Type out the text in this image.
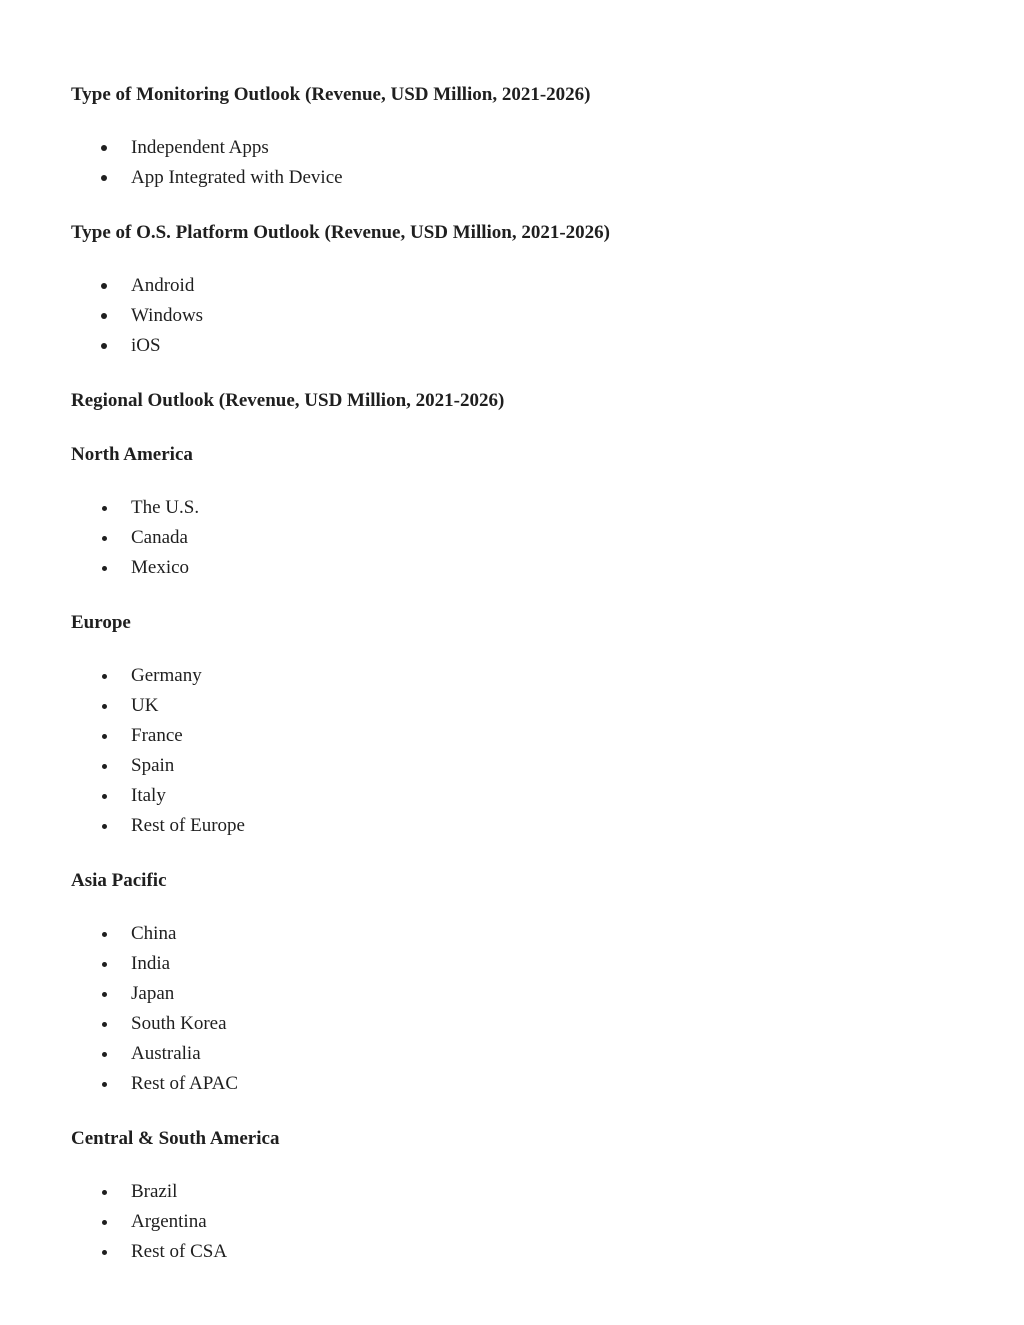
Type of Monitoring Outlook (Revenue, USD Million, 2021-2026)
Independent Apps
App Integrated with Device
Type of O.S. Platform Outlook (Revenue, USD Million, 2021-2026)
Android
Windows
iOS
Regional Outlook (Revenue, USD Million, 2021-2026)
North America
The U.S.
Canada
Mexico
Europe
Germany
UK
France
Spain
Italy
Rest of Europe
Asia Pacific
China
India
Japan
South Korea
Australia
Rest of APAC
Central & South America
Brazil
Argentina
Rest of CSA
